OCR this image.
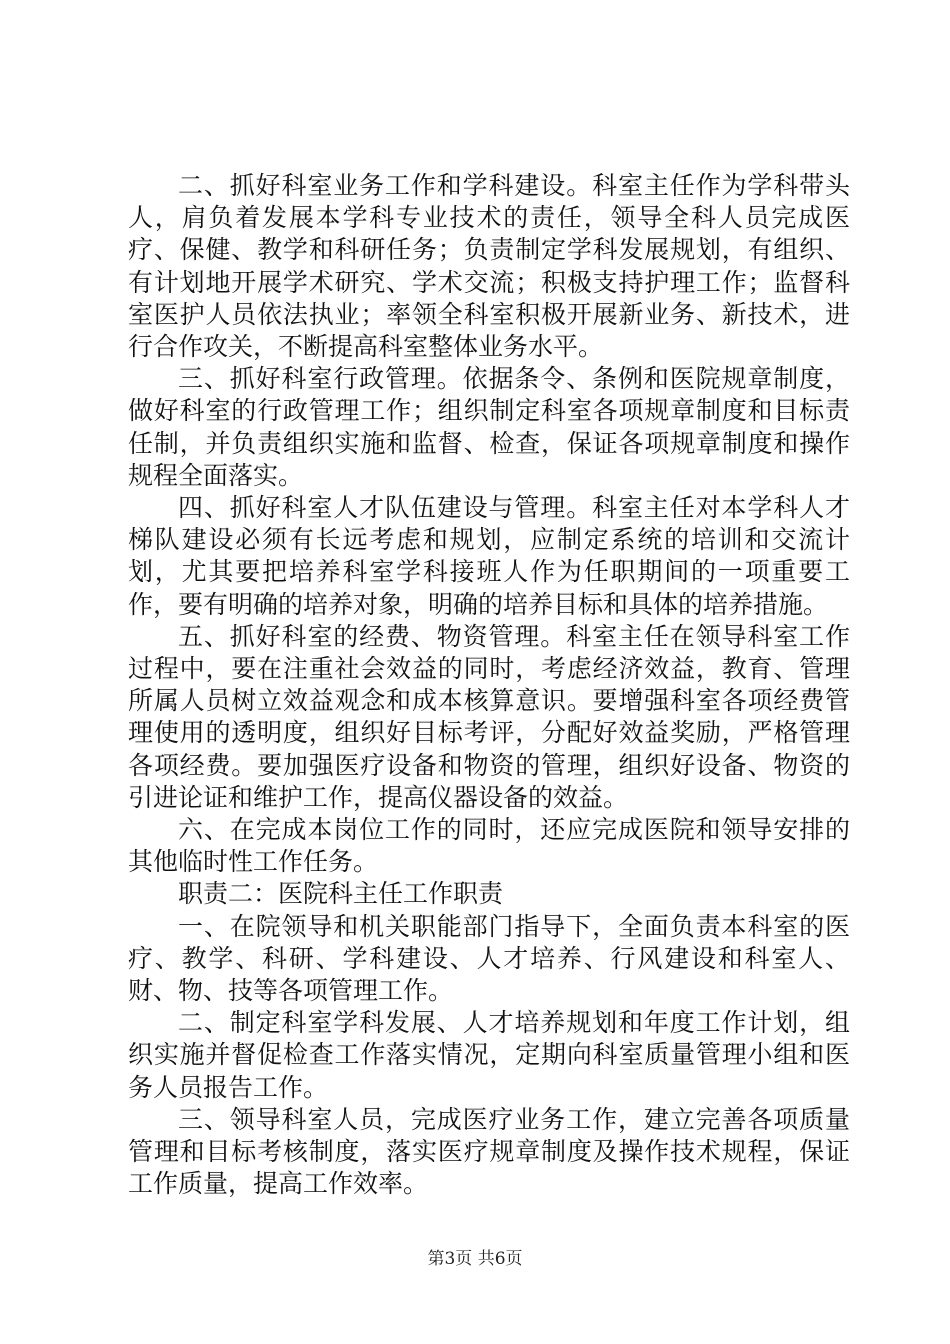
二、抓好科室业务工作和学科建设。科室主任作为学科带头人，肩负着发展本学科专业技术的责任，领导全科人员完成医疗、保健、教学和科研任务；负责制定学科发展规划，有组织、有计划地开展学术研究、学术交流；积极支持护理工作；监督科室医护人员依法执业；率领全科室积极开展新业务、新技术，进行合作攻关，不断提高科室整体业务水平。

三、抓好科室行政管理。依据条令、条例和医院规章制度，做好科室的行政管理工作；组织制定科室各项规章制度和目标责任制，并负责组织实施和监督、检查，保证各项规章制度和操作规程全面落实。

四、抓好科室人才队伍建设与管理。科室主任对本学科人才梯队建设必须有长远考虑和规划，应制定系统的培训和交流计划，尤其要把培养科室学科接班人作为任职期间的一项重要工作，要有明确的培养对象，明确的培养目标和具体的培养措施。

五、抓好科室的经费、物资管理。科室主任在领导科室工作过程中，要在注重社会效益的同时，考虑经济效益，教育、管理所属人员树立效益观念和成本核算意识。要增强科室各项经费管理使用的透明度，组织好目标考评，分配好效益奖励，严格管理各项经费。要加强医疗设备和物资的管理，组织好设备、物资的引进论证和维护工作，提高仪器设备的效益。

六、在完成本岗位工作的同时，还应完成医院和领导安排的其他临时性工作任务。

职责二：医院科主任工作职责

一、在院领导和机关职能部门指导下，全面负责本科室的医疗、教学、科研、学科建设、人才培养、行风建设和科室人、财、物、技等各项管理工作。

二、制定科室学科发展、人才培养规划和年度工作计划，组织实施并督促检查工作落实情况，定期向科室质量管理小组和医务人员报告工作。

三、领导科室人员，完成医疗业务工作，建立完善各项质量管理和目标考核制度，落实医疗规章制度及操作技术规程，保证工作质量，提高工作效率。

第3页 共6页
